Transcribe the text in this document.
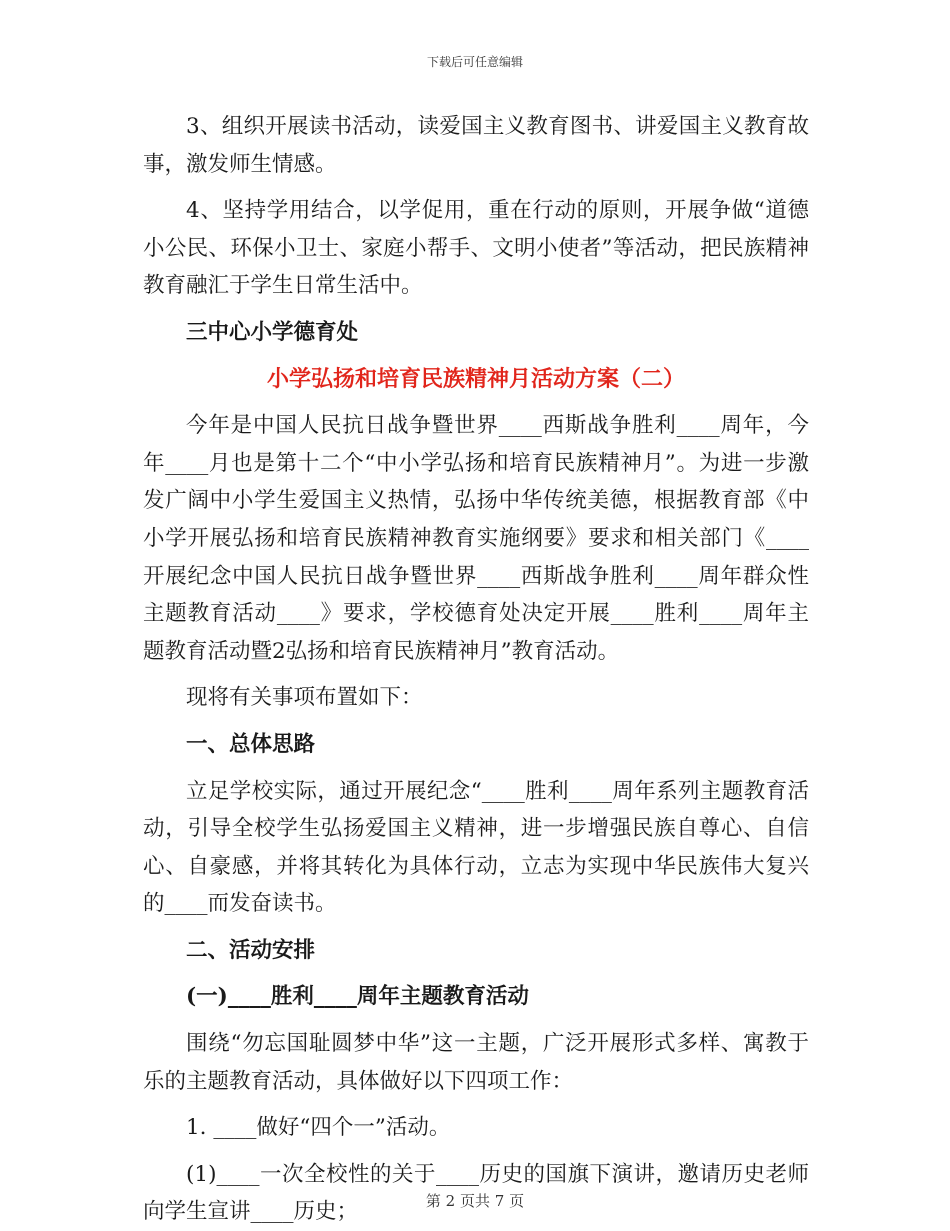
下载后可任意编辑

3、组织开展读书活动，读爱国主义教育图书、讲爱国主义教育故事，激发师生情感。

4、坚持学用结合，以学促用，重在行动的原则，开展争做“道德小公民、环保小卫士、家庭小帮手、文明小使者”等活动，把民族精神教育融汇于学生日常生活中。

三中心小学德育处

小学弘扬和培育民族精神月活动方案（二）

今年是中国人民抗日战争暨世界____西斯战争胜利____周年，今年____月也是第十二个“中小学弘扬和培育民族精神月”。为进一步激发广阔中小学生爱国主义热情，弘扬中华传统美德，根据教育部《中小学开展弘扬和培育民族精神教育实施纲要》要求和相关部门《____开展纪念中国人民抗日战争暨世界____西斯战争胜利____周年群众性主题教育活动____》要求，学校德育处决定开展____胜利____周年主题教育活动暨2弘扬和培育民族精神月”教育活动。

现将有关事项布置如下：

一、总体思路

立足学校实际，通过开展纪念“____胜利____周年系列主题教育活动，引导全校学生弘扬爱国主义精神，进一步增强民族自尊心、自信心、自豪感，并将其转化为具体行动，立志为实现中华民族伟大复兴的____而发奋读书。

二、活动安排

(一)____胜利____周年主题教育活动

围绕“勿忘国耻圆梦中华”这一主题，广泛开展形式多样、寓教于乐的主题教育活动，具体做好以下四项工作：

1. ____做好“四个一”活动。

(1)____一次全校性的关于____历史的国旗下演讲，邀请历史老师向学生宣讲____历史；	第 2 页共 7 页
